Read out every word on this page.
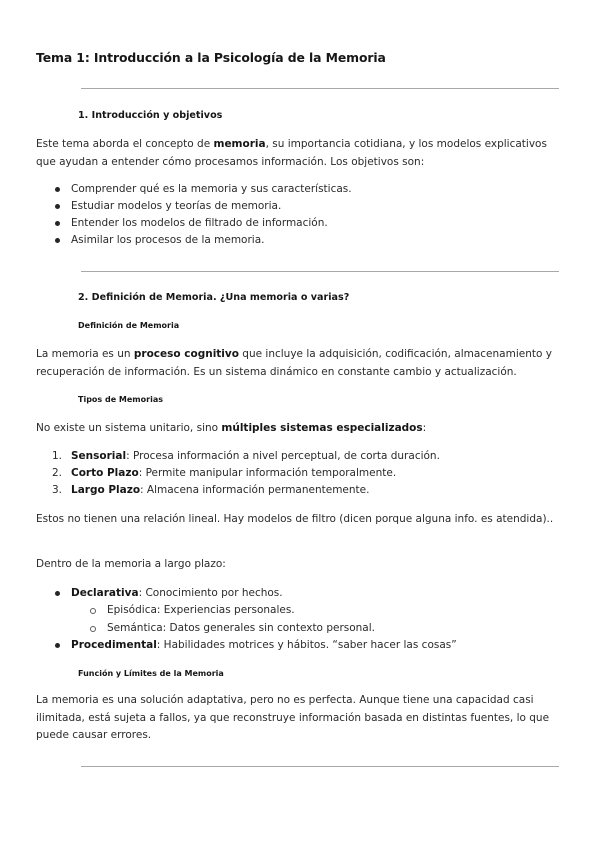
Tema 1: Introducción a la Psicología de la Memoria
1. Introducción y objetivos
Este tema aborda el concepto de memoria, su importancia cotidiana, y los modelos explicativos que ayudan a entender cómo procesamos información. Los objetivos son:
Comprender qué es la memoria y sus características.
Estudiar modelos y teorías de memoria.
Entender los modelos de filtrado de información.
Asimilar los procesos de la memoria.
2. Definición de Memoria. ¿Una memoria o varias?
Definición de Memoria
La memoria es un proceso cognitivo que incluye la adquisición, codificación, almacenamiento y recuperación de información. Es un sistema dinámico en constante cambio y actualización.
Tipos de Memorias
No existe un sistema unitario, sino múltiples sistemas especializados:
1. Sensorial: Procesa información a nivel perceptual, de corta duración.
2. Corto Plazo: Permite manipular información temporalmente.
3. Largo Plazo: Almacena información permanentemente.
Estos no tienen una relación lineal. Hay modelos de filtro (dicen porque alguna info. es atendida)..
Dentro de la memoria a largo plazo:
Declarativa: Conocimiento por hechos.
Episódica: Experiencias personales.
Semántica: Datos generales sin contexto personal.
Procedimental: Habilidades motrices y hábitos. “saber hacer las cosas”
Función y Límites de la Memoria
La memoria es una solución adaptativa, pero no es perfecta. Aunque tiene una capacidad casi ilimitada, está sujeta a fallos, ya que reconstruye información basada en distintas fuentes, lo que puede causar errores.
